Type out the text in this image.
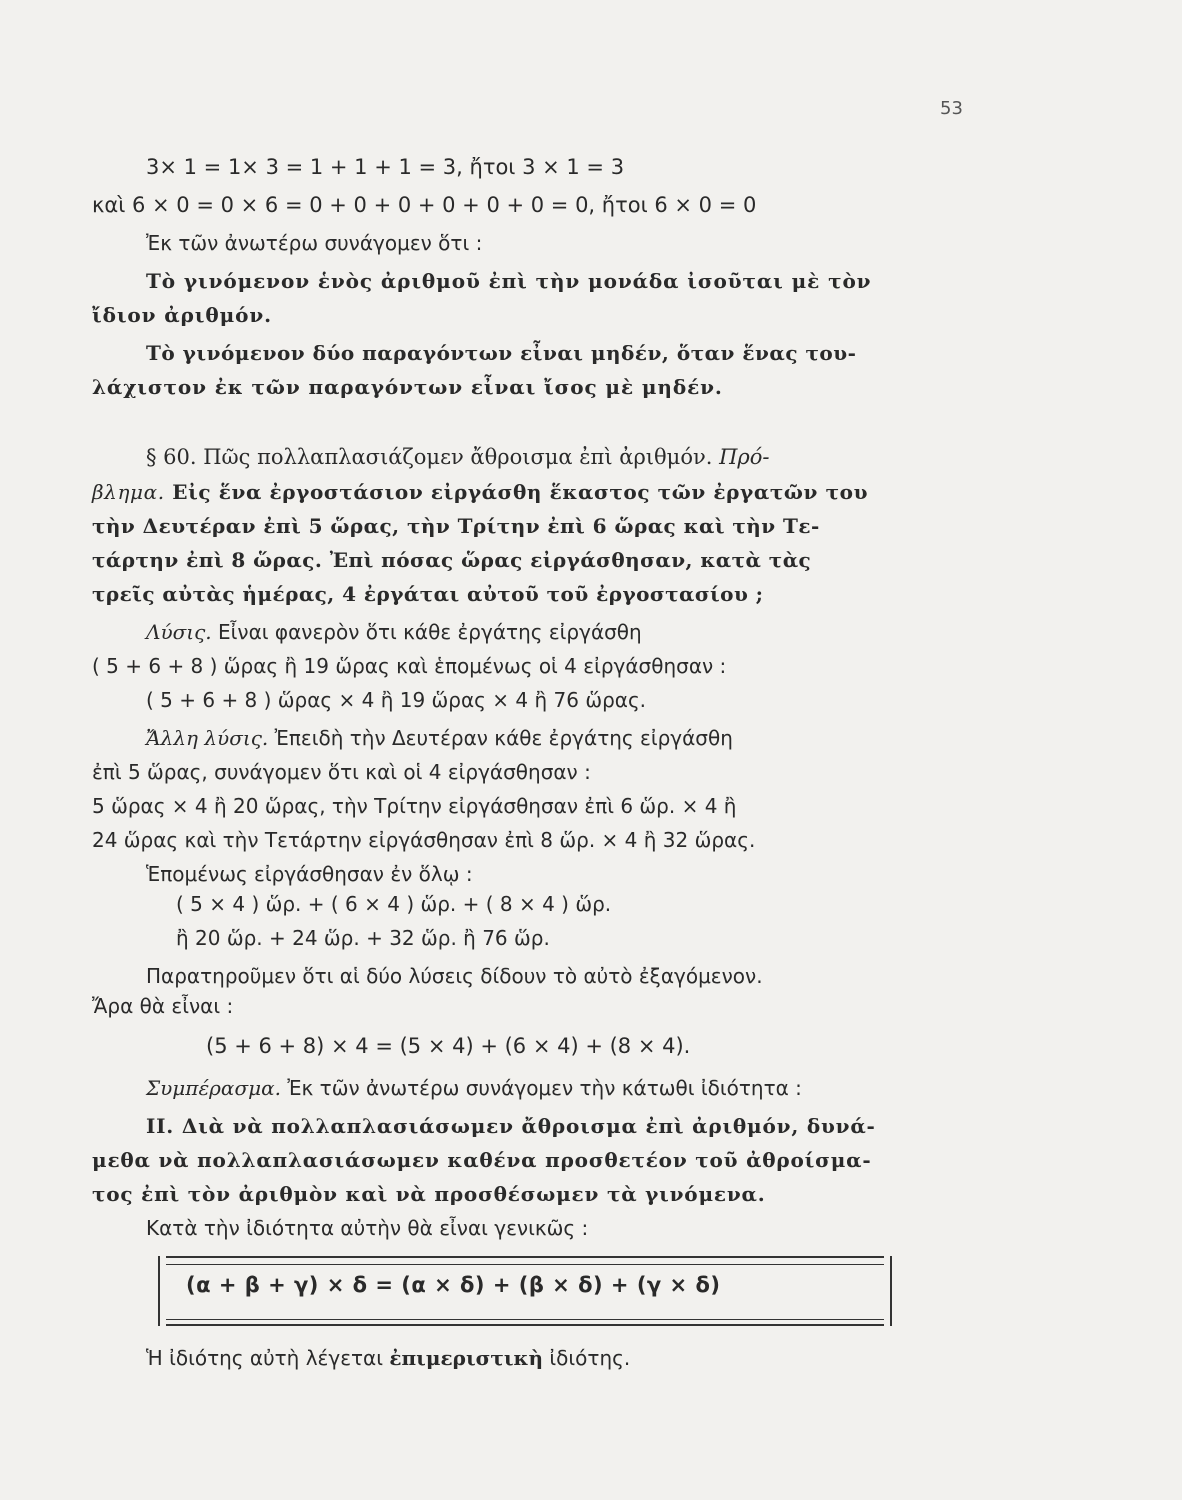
53
3× 1 = 1× 3 = 1 + 1 + 1 = 3, ἤτοι 3 × 1 = 3
καὶ 6 × 0 = 0 × 6 = 0 + 0 + 0 + 0 + 0 + 0 = 0, ἤτοι 6 × 0 = 0
Ἐκ τῶν ἀνωτέρω συνάγομεν ὅτι :
Τὸ γινόμενον ἑνὸς ἀριθμοῦ ἐπὶ τὴν μονάδα ἰσοῦται μὲ τὸν
ἴδιον ἀριθμόν.
Τὸ γινόμενον δύο παραγόντων εἶναι μηδέν, ὅταν ἕνας του-
λάχιστον ἐκ τῶν παραγόντων εἶναι ἴσος μὲ μηδέν.
§ 60. Πῶς πολλαπλασιάζομεν ἄθροισμα ἐπὶ ἀριθμόν. Πρό-
βλημα. Εἰς ἕνα ἐργοστάσιον εἰργάσθη ἕκαστος τῶν ἐργατῶν του
τὴν Δευτέραν ἐπὶ 5 ὥρας, τὴν Τρίτην ἐπὶ 6 ὥρας καὶ τὴν Τε-
τάρτην ἐπὶ 8 ὥρας. Ἐπὶ πόσας ὥρας εἰργάσθησαν, κατὰ τὰς
τρεῖς αὐτὰς ἡμέρας, 4 ἐργάται αὐτοῦ τοῦ ἐργοστασίου ;
Λύσις. Εἶναι φανερὸν ὅτι κάθε ἐργάτης εἰργάσθη
( 5 + 6 + 8 ) ὥρας ἢ 19 ὥρας καὶ ἑπομένως οἱ 4 εἰργάσθησαν :
( 5 + 6 + 8 ) ὥρας × 4 ἢ 19 ὥρας × 4 ἢ 76 ὥρας.
Ἄλλη λύσις. Ἐπειδὴ τὴν Δευτέραν κάθε ἐργάτης εἰργάσθη
ἐπὶ 5 ὥρας, συνάγομεν ὅτι καὶ οἱ 4 εἰργάσθησαν :
5 ὥρας × 4 ἢ 20 ὥρας, τὴν Τρίτην εἰργάσθησαν ἐπὶ 6 ὥρ. × 4 ἢ
24 ὥρας καὶ τὴν Τετάρτην εἰργάσθησαν ἐπὶ 8 ὥρ. × 4 ἢ 32 ὥρας.
Ἑπομένως εἰργάσθησαν ἐν ὅλῳ :
( 5 × 4 ) ὥρ. + ( 6 × 4 ) ὥρ. + ( 8 × 4 ) ὥρ.
ἢ 20 ὥρ. + 24 ὥρ. + 32 ὥρ. ἢ 76 ὥρ.
Παρατηροῦμεν ὅτι αἱ δύο λύσεις δίδουν τὸ αὐτὸ ἐξαγόμενον.
Ἄρα θὰ εἶναι :
(5 + 6 + 8) × 4 = (5 × 4) + (6 × 4) + (8 × 4).
Συμπέρασμα. Ἐκ τῶν ἀνωτέρω συνάγομεν τὴν κάτωθι ἰδιότητα :
II. Διὰ νὰ πολλαπλασιάσωμεν ἄθροισμα ἐπὶ ἀριθμόν, δυνά-
μεθα νὰ πολλαπλασιάσωμεν καθένα προσθετέον τοῦ ἀθροίσμα-
τος ἐπὶ τὸν ἀριθμὸν καὶ νὰ προσθέσωμεν τὰ γινόμενα.
Κατὰ τὴν ἰδιότητα αὐτὴν θὰ εἶναι γενικῶς :
(α + β + γ) × δ = (α × δ) + (β × δ) + (γ × δ)
Ἡ ἰδιότης αὐτὴ λέγεται ἐπιμεριστικὴ ἰδιότης.
